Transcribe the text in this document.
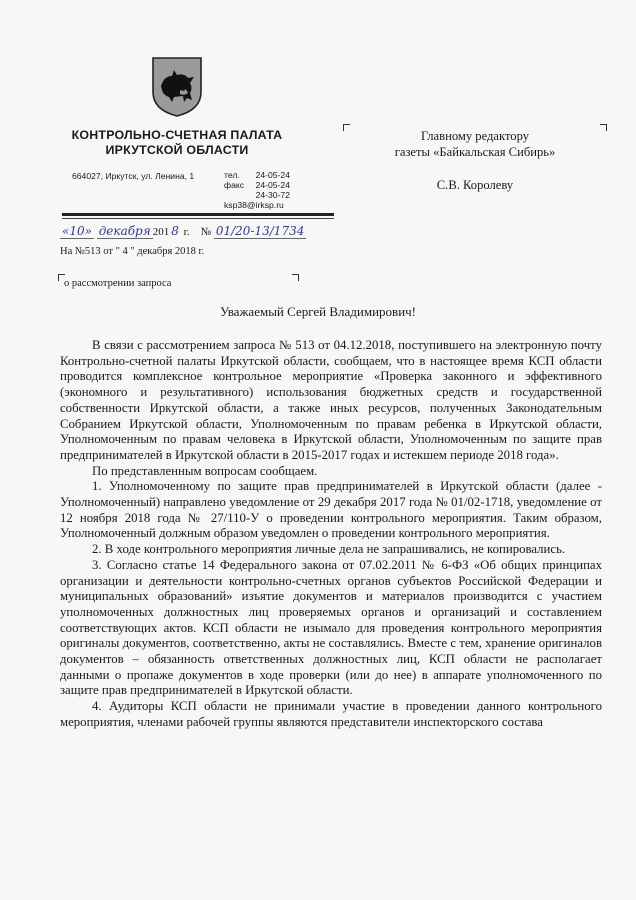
КОНТРОЛЬНО-СЧЕТНАЯ ПАЛАТА
ИРКУТСКОЙ ОБЛАСТИ
664027, Иркутск, ул. Ленина, 1	тел.	24-05-24
факс	24-05-24
24-30-72
ksp38@irksp.ru
«10» декабря 201 8 г. № 01/20-13/1734
На №513 от " 4 " декабря 2018 г.
о рассмотрении запроса
Главному редактору
газеты «Байкальская Сибирь»
С.В. Королеву
Уважаемый Сергей Владимирович!

В связи с рассмотрением запроса № 513 от 04.12.2018, поступившего на электронную почту Контрольно-счетной палаты Иркутской области, сообщаем, что в настоящее время КСП области проводится комплексное контрольное мероприятие «Проверка законного и эффективного (экономного и результативного) использования бюджетных средств и государственной собственности Иркутской области, а также иных ресурсов, полученных Законодательным Собранием Иркутской области, Уполномоченным по правам ребенка в Иркутской области, Уполномоченным по правам человека в Иркутской области, Уполномоченным по защите прав предпринимателей в Иркутской области в 2015-2017 годах и истекшем периоде 2018 года».

По представленным вопросам сообщаем.

1. Уполномоченному по защите прав предпринимателей в Иркутской области (далее - Уполномоченный) направлено уведомление от 29 декабря 2017 года № 01/02-1718, уведомление от 12 ноября 2018 года № 27/110-У о проведении контрольного мероприятия. Таким образом, Уполномоченный должным образом уведомлен о проведении контрольного мероприятия.

2. В ходе контрольного мероприятия личные дела не запрашивались, не копировались.

3. Согласно статье 14 Федерального закона от 07.02.2011 № 6-ФЗ «Об общих принципах организации и деятельности контрольно-счетных органов субъектов Российской Федерации и муниципальных образований» изъятие документов и материалов производится с участием уполномоченных должностных лиц проверяемых органов и организаций и составлением соответствующих актов. КСП области не изымало для проведения контрольного мероприятия оригиналы документов, соответственно, акты не составлялись. Вместе с тем, хранение оригиналов документов – обязанность ответственных должностных лиц, КСП области не располагает данными о пропаже документов в ходе проверки (или до нее) в аппарате уполномоченного по защите прав предпринимателей в Иркутской области.

4. Аудиторы КСП области не принимали участие в проведении данного контрольного мероприятия, членами рабочей группы являются представители инспекторского состава
